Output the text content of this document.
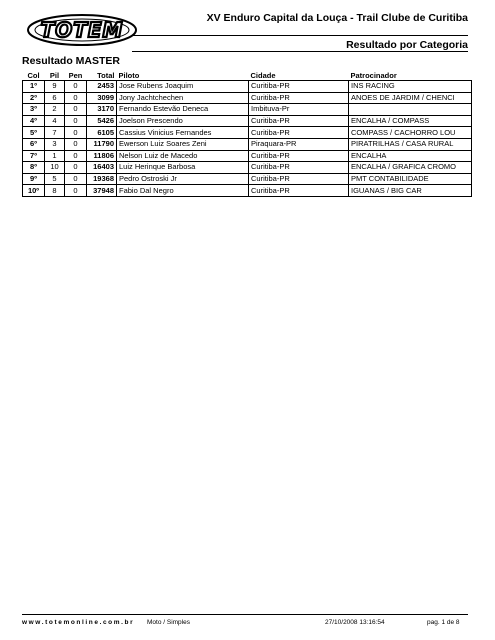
TOTEM	XV Enduro Capital da Louça - Trail Clube de Curitiba
Resultado por Categoria
Resultado MASTER
Col	Pil	Pen	Total	Piloto	Cidade	Patrocinador
1º	9	0	2453	Jose Rubens Joaquim	Curitiba-PR	INS RACING
2º	6	0	3099	Jony Jachtchechen	Curitiba-PR	ANOES DE JARDIM / CHENCI
3º	2	0	3170	Fernando Estevão Deneca	Imbituva-Pr	
4º	4	0	5426	Joelson Prescendo	Curitiba-PR	ENCALHA / COMPASS
5º	7	0	6105	Cassius Vinicius Fernandes	Curitiba-PR	COMPASS / CACHORRO LOU
6º	3	0	11790	Ewerson Luiz Soares Zeni	Piraquara-PR	PIRATRILHAS / CASA RURAL
7º	1	0	11806	Nelson Luiz de Macedo	Curitiba-PR	ENCALHA
8º	10	0	16403	Luiz Herinque Barbosa	Curitiba-PR	ENCALHA / GRAFICA CROMO
9º	5	0	19368	Pedro Ostroski Jr	Curitiba-PR	PMT CONTABILIDADE
10º	8	0	37948	Fabio Dal Negro	Curitiba-PR	IGUANAS / BIG CAR
www.totemonline.com.br Moto / Simples	27/10/2008 13:16:54	pag. 1 de 8
